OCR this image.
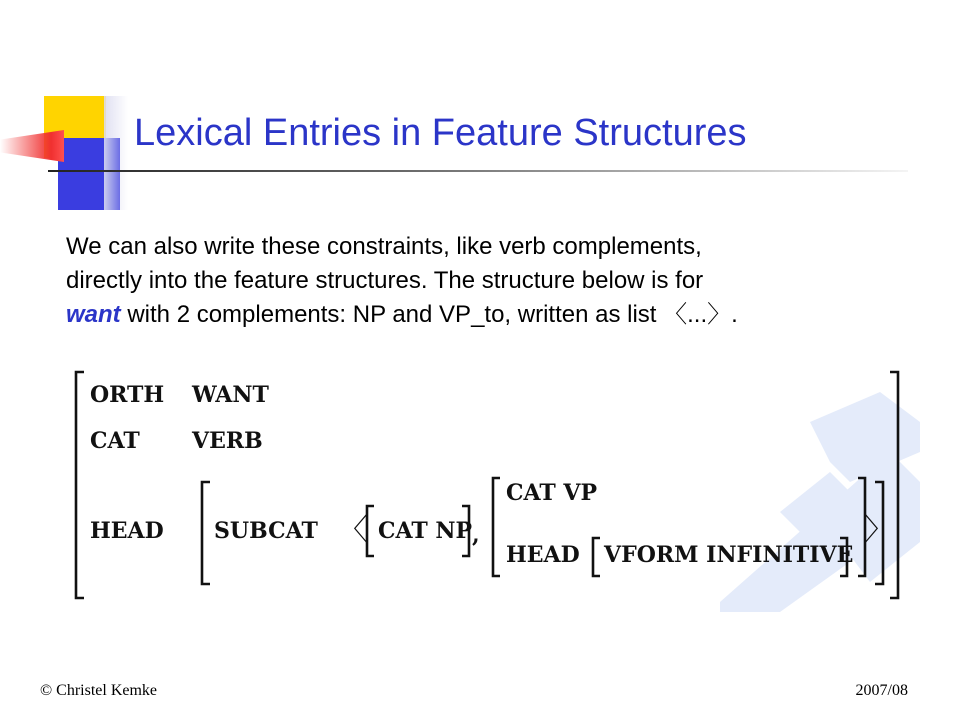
Lexical Entries in Feature Structures

We can also write these constraints, like verb complements,
directly into the feature structures. The structure below is for
want with 2 complements: NP and VP_to, written as list 〈...〉.

ORTH WANT
CAT VERB
HEAD SUBCAT 〈 CAT NP ,
CAT VP
HEAD VFORM INFINITIVE
〉
© Christel Kemke	2007/08
